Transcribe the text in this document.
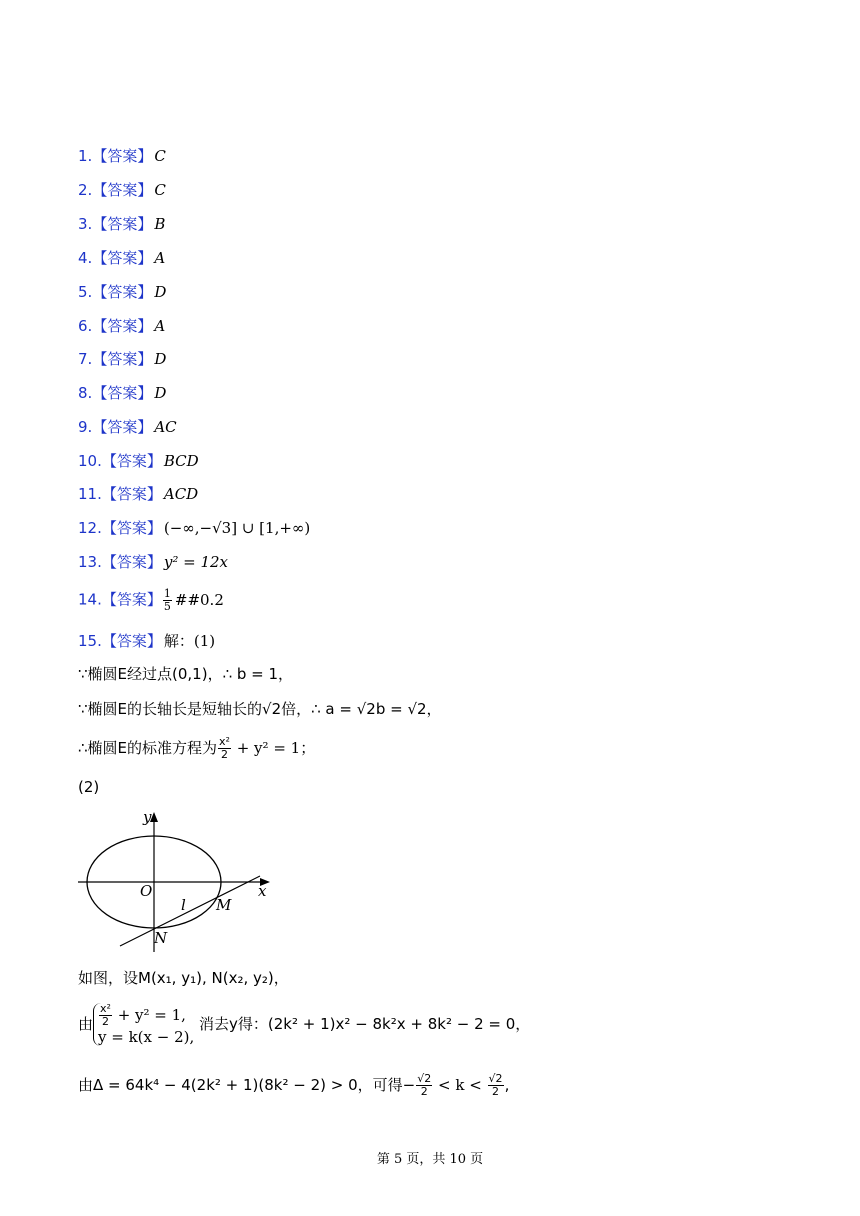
1.【答案】 C
2.【答案】 C
3.【答案】 B
4.【答案】 A
5.【答案】 D
6.【答案】 A
7.【答案】 D
8.【答案】 D
9.【答案】 AC
10.【答案】 BCD
11.【答案】 ACD
12.【答案】 (−∞,−√3] ∪ [1,+∞)
13.【答案】 y² = 12x
14.【答案】 $\frac{1}{5}$ ##0.2
15.【答案】 解：(1)
∵椭圆E经过点(0,1)，∴ b = 1，
∵椭圆E的长轴长是短轴长的√2倍，∴ a = √2b = √2，
∴椭圆E的标准方程为 $\frac{\text{x²}}{2} + y^2 = 1$；
(2)
y
x
O
l M
N
如图，设M(x₁, y₁), N(x₂, y₂)，
由 $\frac{\text{x²}}{2} + y^2 = 1$,
y = k(x − 2),
消去y得：(2k² + 1)x² − 8k²x + 8k² − 2 = 0，
由Δ = 64k⁴ − 4(2k² + 1)(8k² − 2) > 0，可得− $\frac{√2}{2} < k < \frac{√2}{2}$ ,
第 5 页，共 10 页
